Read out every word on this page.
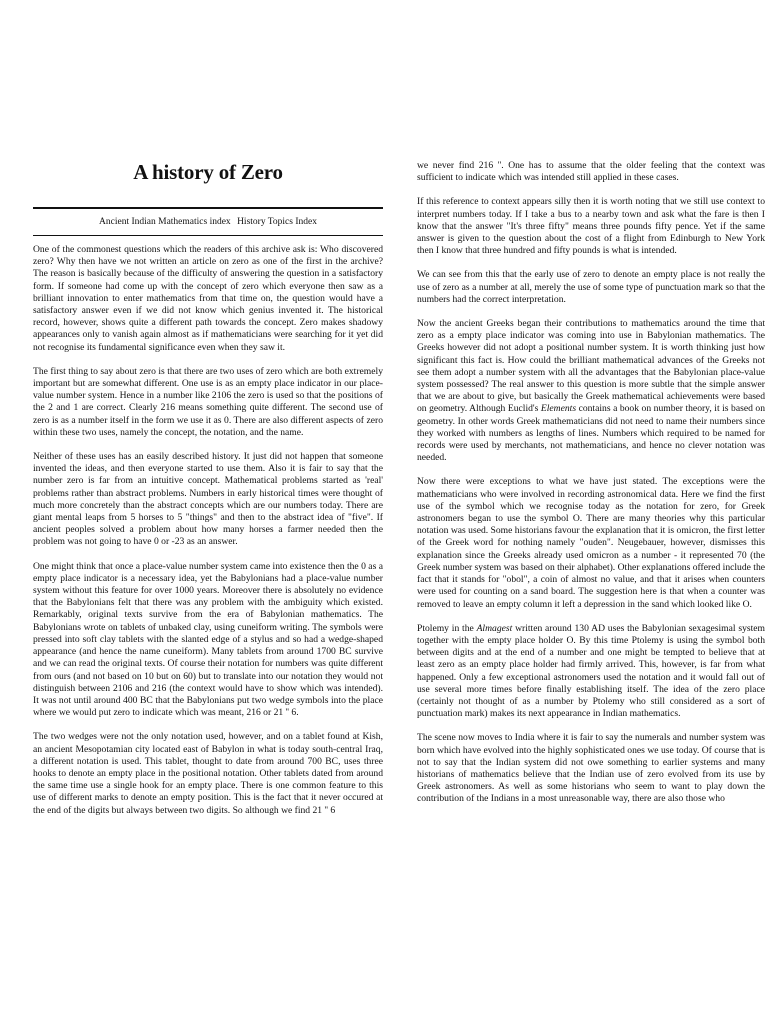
A history of Zero
Ancient Indian Mathematics index History Topics Index

One of the commonest questions which the readers of this archive ask is: Who discovered zero? Why then have we not written an article on zero as one of the first in the archive? The reason is basically because of the difficulty of answering the question in a satisfactory form. If someone had come up with the concept of zero which everyone then saw as a brilliant innovation to enter mathematics from that time on, the question would have a satisfactory answer even if we did not know which genius invented it. The historical record, however, shows quite a different path towards the concept. Zero makes shadowy appearances only to vanish again almost as if mathematicians were searching for it yet did not recognise its fundamental significance even when they saw it.

The first thing to say about zero is that there are two uses of zero which are both extremely important but are somewhat different. One use is as an empty place indicator in our place-value number system. Hence in a number like 2106 the zero is used so that the positions of the 2 and 1 are correct. Clearly 216 means something quite different. The second use of zero is as a number itself in the form we use it as 0. There are also different aspects of zero within these two uses, namely the concept, the notation, and the name.

Neither of these uses has an easily described history. It just did not happen that someone invented the ideas, and then everyone started to use them. Also it is fair to say that the number zero is far from an intuitive concept. Mathematical problems started as 'real' problems rather than abstract problems. Numbers in early historical times were thought of much more concretely than the abstract concepts which are our numbers today. There are giant mental leaps from 5 horses to 5 "things" and then to the abstract idea of "five". If ancient peoples solved a problem about how many horses a farmer needed then the problem was not going to have 0 or -23 as an answer.

One might think that once a place-value number system came into existence then the 0 as a empty place indicator is a necessary idea, yet the Babylonians had a place-value number system without this feature for over 1000 years. Moreover there is absolutely no evidence that the Babylonians felt that there was any problem with the ambiguity which existed. Remarkably, original texts survive from the era of Babylonian mathematics. The Babylonians wrote on tablets of unbaked clay, using cuneiform writing. The symbols were pressed into soft clay tablets with the slanted edge of a stylus and so had a wedge-shaped appearance (and hence the name cuneiform). Many tablets from around 1700 BC survive and we can read the original texts. Of course their notation for numbers was quite different from ours (and not based on 10 but on 60) but to translate into our notation they would not distinguish between 2106 and 216 (the context would have to show which was intended). It was not until around 400 BC that the Babylonians put two wedge symbols into the place where we would put zero to indicate which was meant, 216 or 21 '' 6.

The two wedges were not the only notation used, however, and on a tablet found at Kish, an ancient Mesopotamian city located east of Babylon in what is today south-central Iraq, a different notation is used. This tablet, thought to date from around 700 BC, uses three hooks to denote an empty place in the positional notation. Other tablets dated from around the same time use a single hook for an empty place. There is one common feature to this use of different marks to denote an empty position. This is the fact that it never occured at the end of the digits but always between two digits. So although we find 21 '' 6

we never find 216 ''. One has to assume that the older feeling that the context was sufficient to indicate which was intended still applied in these cases.

If this reference to context appears silly then it is worth noting that we still use context to interpret numbers today. If I take a bus to a nearby town and ask what the fare is then I know that the answer "It's three fifty" means three pounds fifty pence. Yet if the same answer is given to the question about the cost of a flight from Edinburgh to New York then I know that three hundred and fifty pounds is what is intended.

We can see from this that the early use of zero to denote an empty place is not really the use of zero as a number at all, merely the use of some type of punctuation mark so that the numbers had the correct interpretation.

Now the ancient Greeks began their contributions to mathematics around the time that zero as a empty place indicator was coming into use in Babylonian mathematics. The Greeks however did not adopt a positional number system. It is worth thinking just how significant this fact is. How could the brilliant mathematical advances of the Greeks not see them adopt a number system with all the advantages that the Babylonian place-value system possessed? The real answer to this question is more subtle that the simple answer that we are about to give, but basically the Greek mathematical achievements were based on geometry. Although Euclid's Elements contains a book on number theory, it is based on geometry. In other words Greek mathematicians did not need to name their numbers since they worked with numbers as lengths of lines. Numbers which required to be named for records were used by merchants, not mathematicians, and hence no clever notation was needed.

Now there were exceptions to what we have just stated. The exceptions were the mathematicians who were involved in recording astronomical data. Here we find the first use of the symbol which we recognise today as the notation for zero, for Greek astronomers began to use the symbol O. There are many theories why this particular notation was used. Some historians favour the explanation that it is omicron, the first letter of the Greek word for nothing namely "ouden". Neugebauer, however, dismisses this explanation since the Greeks already used omicron as a number - it represented 70 (the Greek number system was based on their alphabet). Other explanations offered include the fact that it stands for "obol", a coin of almost no value, and that it arises when counters were used for counting on a sand board. The suggestion here is that when a counter was removed to leave an empty column it left a depression in the sand which looked like O.

Ptolemy in the Almagest written around 130 AD uses the Babylonian sexagesimal system together with the empty place holder O. By this time Ptolemy is using the symbol both between digits and at the end of a number and one might be tempted to believe that at least zero as an empty place holder had firmly arrived. This, however, is far from what happened. Only a few exceptional astronomers used the notation and it would fall out of use several more times before finally establishing itself. The idea of the zero place (certainly not thought of as a number by Ptolemy who still considered as a sort of punctuation mark) makes its next appearance in Indian mathematics.

The scene now moves to India where it is fair to say the numerals and number system was born which have evolved into the highly sophisticated ones we use today. Of course that is not to say that the Indian system did not owe something to earlier systems and many historians of mathematics believe that the Indian use of zero evolved from its use by Greek astronomers. As well as some historians who seem to want to play down the contribution of the Indians in a most unreasonable way, there are also those who
